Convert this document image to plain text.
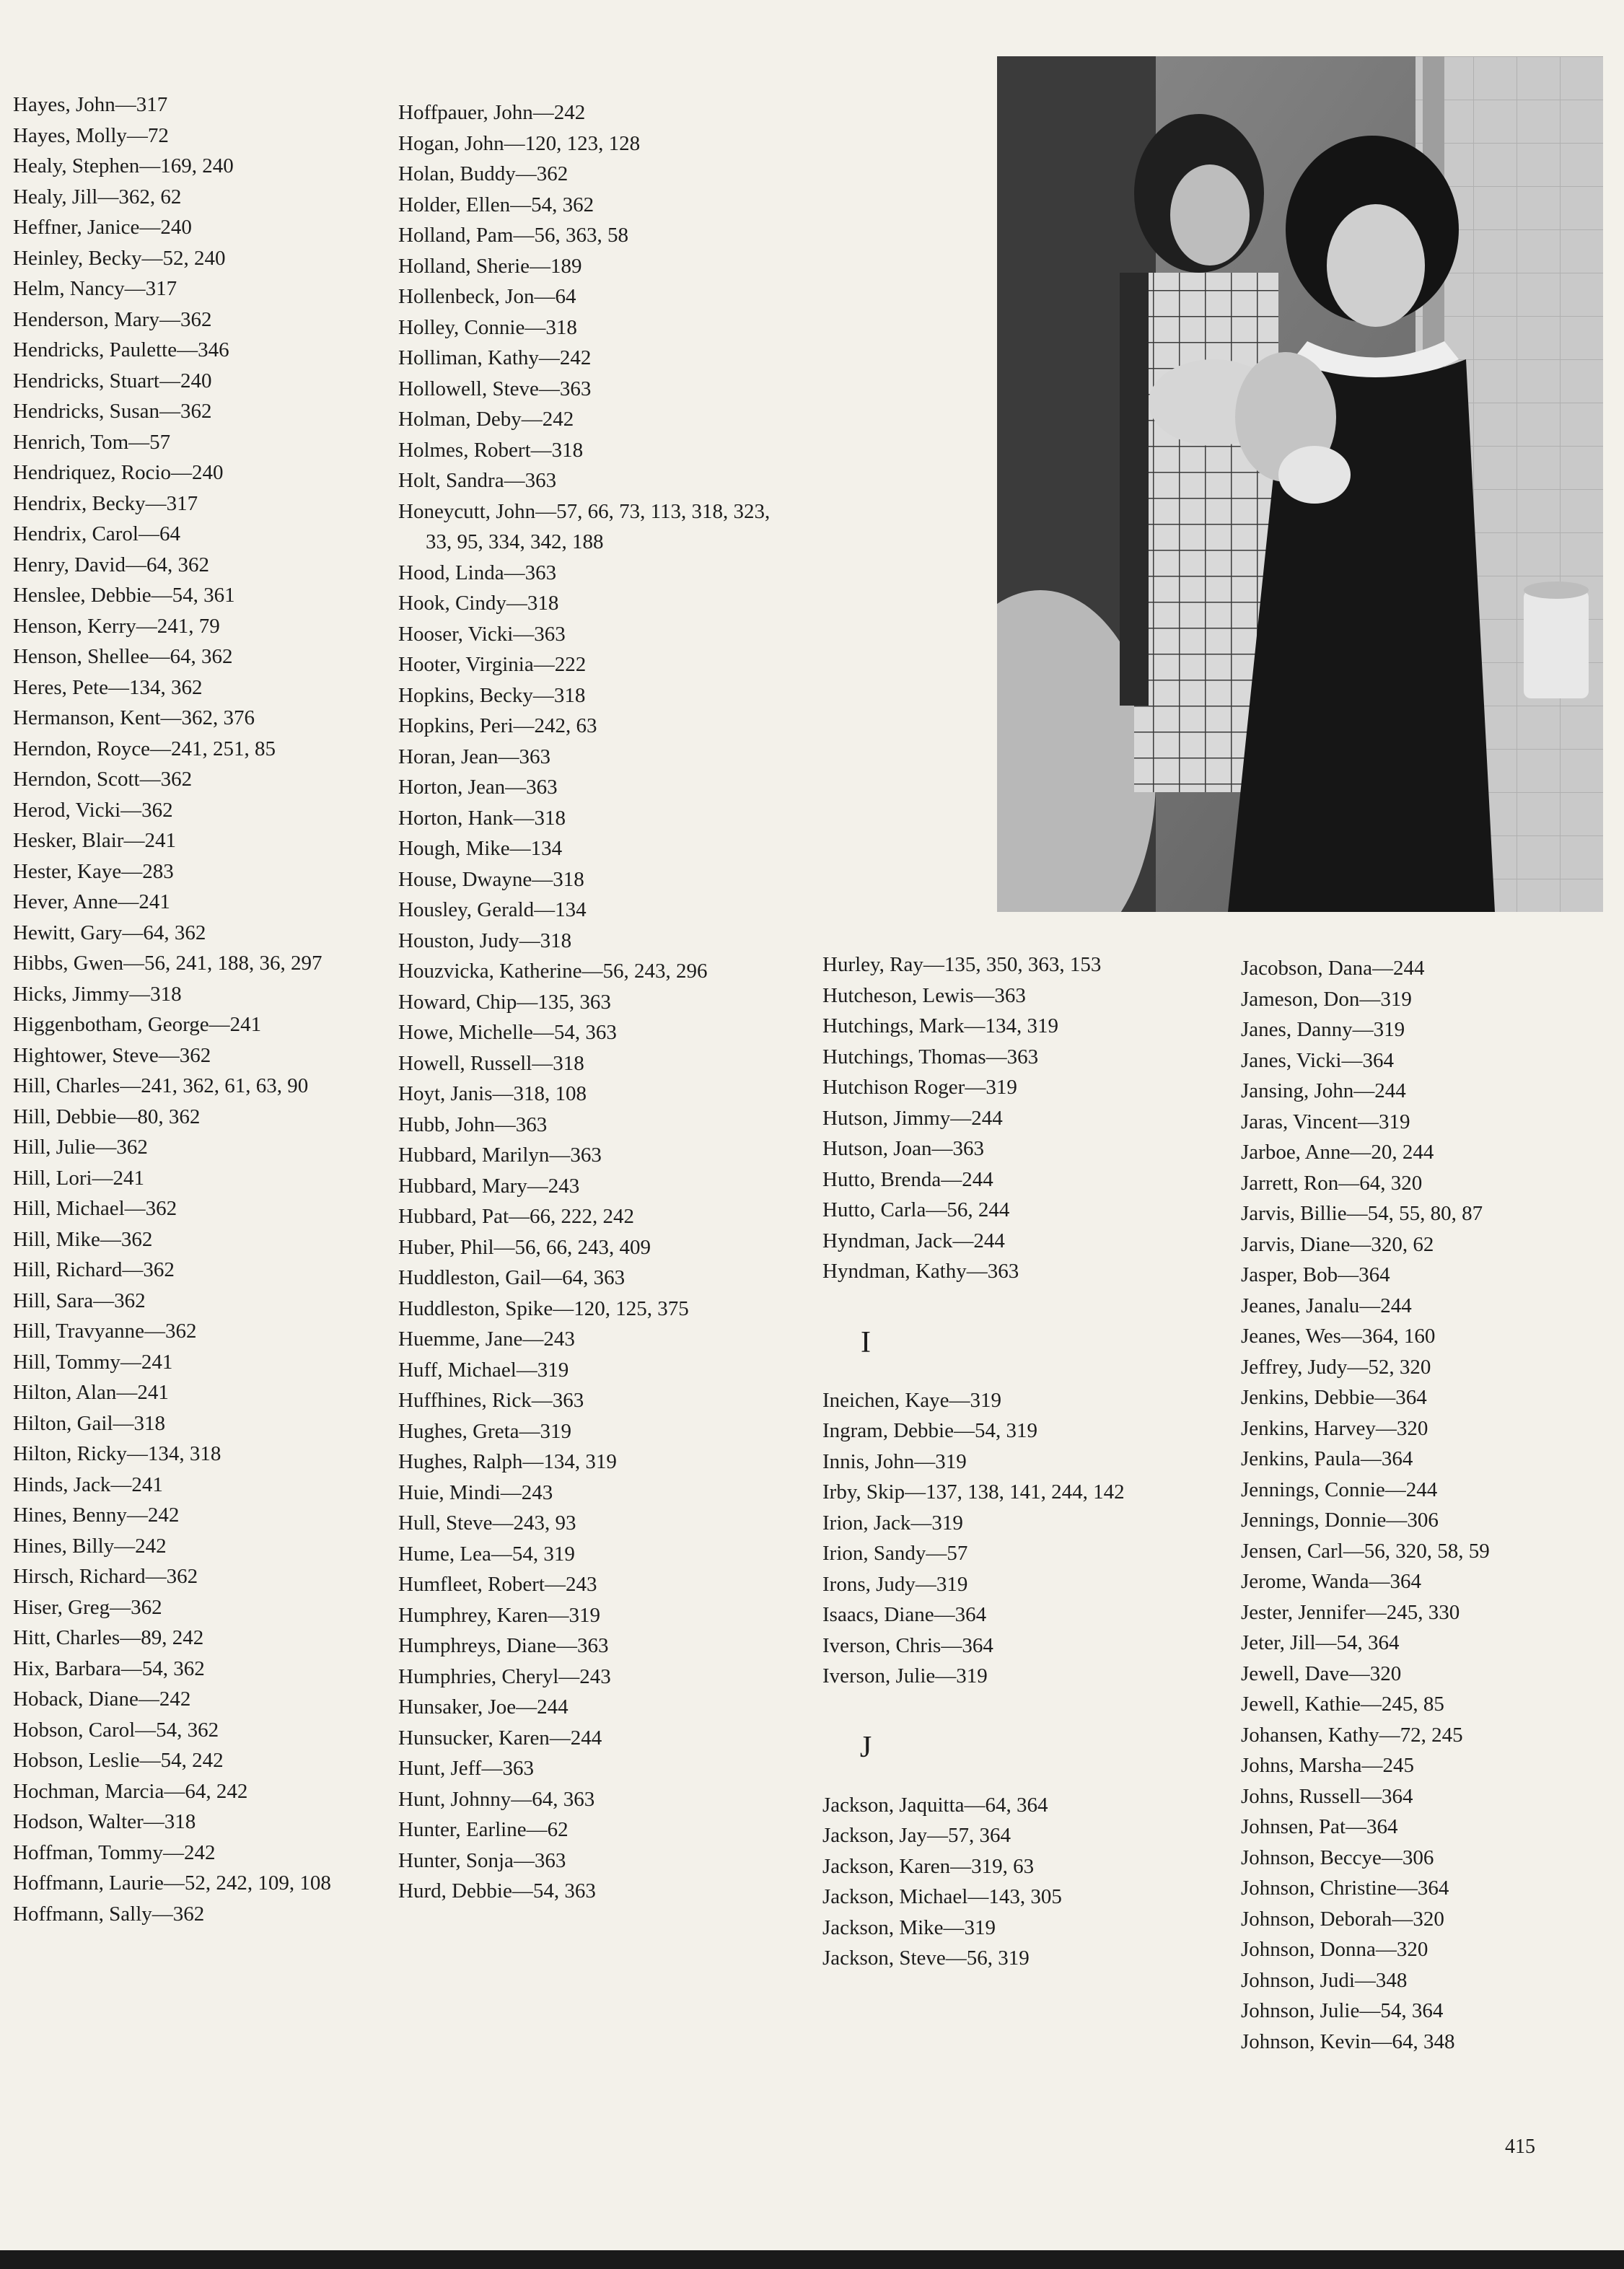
Hayes, John—317
Hayes, Molly—72
Healy, Stephen—169, 240
Healy, Jill—362, 62
Heffner, Janice—240
Heinley, Becky—52, 240
Helm, Nancy—317
Henderson, Mary—362
Hendricks, Paulette—346
Hendricks, Stuart—240
Hendricks, Susan—362
Henrich, Tom—57
Hendriquez, Rocio—240
Hendrix, Becky—317
Hendrix, Carol—64
Henry, David—64, 362
Henslee, Debbie—54, 361
Henson, Kerry—241, 79
Henson, Shellee—64, 362
Heres, Pete—134, 362
Hermanson, Kent—362, 376
Herndon, Royce—241, 251, 85
Herndon, Scott—362
Herod, Vicki—362
Hesker, Blair—241
Hester, Kaye—283
Hever, Anne—241
Hewitt, Gary—64, 362
Hibbs, Gwen—56, 241, 188, 36, 297
Hicks, Jimmy—318
Higgenbotham, George—241
Hightower, Steve—362
Hill, Charles—241, 362, 61, 63, 90
Hill, Debbie—80, 362
Hill, Julie—362
Hill, Lori—241
Hill, Michael—362
Hill, Mike—362
Hill, Richard—362
Hill, Sara—362
Hill, Travyanne—362
Hill, Tommy—241
Hilton, Alan—241
Hilton, Gail—318
Hilton, Ricky—134, 318
Hinds, Jack—241
Hines, Benny—242
Hines, Billy—242
Hirsch, Richard—362
Hiser, Greg—362
Hitt, Charles—89, 242
Hix, Barbara—54, 362
Hoback, Diane—242
Hobson, Carol—54, 362
Hobson, Leslie—54, 242
Hochman, Marcia—64, 242
Hodson, Walter—318
Hoffman, Tommy—242
Hoffmann, Laurie—52, 242, 109, 108
Hoffmann, Sally—362
Hoffpauer, John—242
Hogan, John—120, 123, 128
Holan, Buddy—362
Holder, Ellen—54, 362
Holland, Pam—56, 363, 58
Holland, Sherie—189
Hollenbeck, Jon—64
Holley, Connie—318
Holliman, Kathy—242
Hollowell, Steve—363
Holman, Deby—242
Holmes, Robert—318
Holt, Sandra—363
Honeycutt, John—57, 66, 73, 113, 318, 323, 33, 95, 334, 342, 188
Hood, Linda—363
Hook, Cindy—318
Hooser, Vicki—363
Hooter, Virginia—222
Hopkins, Becky—318
Hopkins, Peri—242, 63
Horan, Jean—363
Horton, Jean—363
Horton, Hank—318
Hough, Mike—134
House, Dwayne—318
Housley, Gerald—134
Houston, Judy—318
Houzvicka, Katherine—56, 243, 296
Howard, Chip—135, 363
Howe, Michelle—54, 363
Howell, Russell—318
Hoyt, Janis—318, 108
Hubb, John—363
Hubbard, Marilyn—363
Hubbard, Mary—243
Hubbard, Pat—66, 222, 242
Huber, Phil—56, 66, 243, 409
Huddleston, Gail—64, 363
Huddleston, Spike—120, 125, 375
Huemme, Jane—243
Huff, Michael—319
Huffhines, Rick—363
Hughes, Greta—319
Hughes, Ralph—134, 319
Huie, Mindi—243
Hull, Steve—243, 93
Hume, Lea—54, 319
Humfleet, Robert—243
Humphrey, Karen—319
Humphreys, Diane—363
Humphries, Cheryl—243
Hunsaker, Joe—244
Hunsucker, Karen—244
Hunt, Jeff—363
Hunt, Johnny—64, 363
Hunter, Earline—62
Hunter, Sonja—363
Hurd, Debbie—54, 363
Hurley, Ray—135, 350, 363, 153
Hutcheson, Lewis—363
Hutchings, Mark—134, 319
Hutchings, Thomas—363
Hutchison Roger—319
Hutson, Jimmy—244
Hutson, Joan—363
Hutto, Brenda—244
Hutto, Carla—56, 244
Hyndman, Jack—244
Hyndman, Kathy—363
I
Ineichen, Kaye—319
Ingram, Debbie—54, 319
Innis, John—319
Irby, Skip—137, 138, 141, 244, 142
Irion, Jack—319
Irion, Sandy—57
Irons, Judy—319
Isaacs, Diane—364
Iverson, Chris—364
Iverson, Julie—319
J
Jackson, Jaquitta—64, 364
Jackson, Jay—57, 364
Jackson, Karen—319, 63
Jackson, Michael—143, 305
Jackson, Mike—319
Jackson, Steve—56, 319
Jacobson, Dana—244
Jameson, Don—319
Janes, Danny—319
Janes, Vicki—364
Jansing, John—244
Jaras, Vincent—319
Jarboe, Anne—20, 244
Jarrett, Ron—64, 320
Jarvis, Billie—54, 55, 80, 87
Jarvis, Diane—320, 62
Jasper, Bob—364
Jeanes, Janalu—244
Jeanes, Wes—364, 160
Jeffrey, Judy—52, 320
Jenkins, Debbie—364
Jenkins, Harvey—320
Jenkins, Paula—364
Jennings, Connie—244
Jennings, Donnie—306
Jensen, Carl—56, 320, 58, 59
Jerome, Wanda—364
Jester, Jennifer—245, 330
Jeter, Jill—54, 364
Jewell, Dave—320
Jewell, Kathie—245, 85
Johansen, Kathy—72, 245
Johns, Marsha—245
Johns, Russell—364
Johnsen, Pat—364
Johnson, Beccye—306
Johnson, Christine—364
Johnson, Deborah—320
Johnson, Donna—320
Johnson, Judi—348
Johnson, Julie—54, 364
Johnson, Kevin—64, 348
415
